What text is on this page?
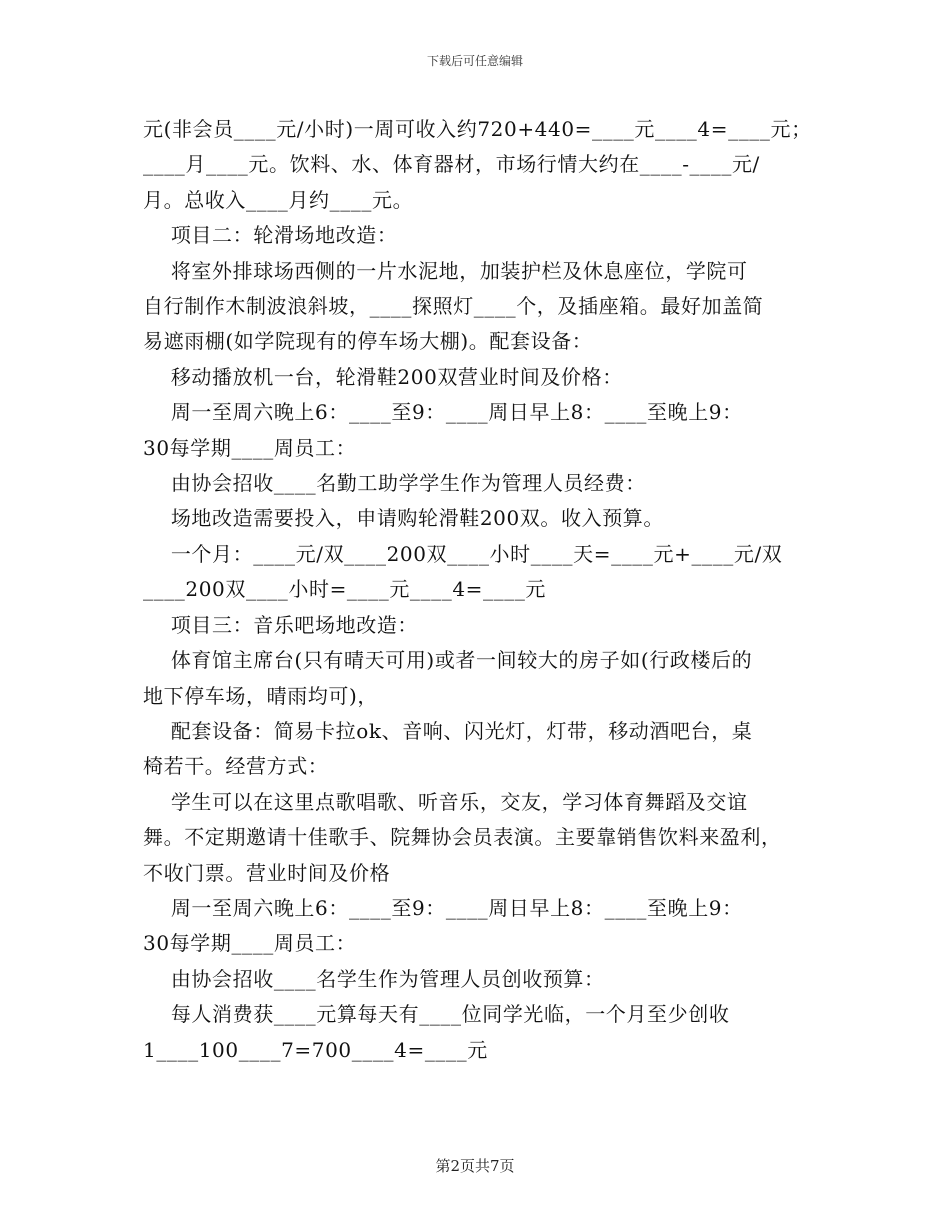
下载后可任意编辑

元(非会员____元/小时)一周可收入约720+440=____元____4=____元；

____月____元。饮料、水、体育器材，市场行情大约在____-____元/

月。总收入____月约____元。

项目二：轮滑场地改造：

将室外排球场西侧的一片水泥地，加装护栏及休息座位，学院可

自行制作木制波浪斜坡，____探照灯____个，及插座箱。最好加盖简

易遮雨棚(如学院现有的停车场大棚)。配套设备：

移动播放机一台，轮滑鞋200双营业时间及价格：

周一至周六晚上6：____至9：____周日早上8：____至晚上9：

30每学期____周员工：

由协会招收____名勤工助学学生作为管理人员经费：

场地改造需要投入，申请购轮滑鞋200双。收入预算。

一个月：____元/双____200双____小时____天=____元+____元/双

____200双____小时=____元____4=____元

项目三：音乐吧场地改造：

体育馆主席台(只有晴天可用)或者一间较大的房子如(行政楼后的

地下停车场，晴雨均可)，

配套设备：简易卡拉ok、音响、闪光灯，灯带，移动酒吧台，桌

椅若干。经营方式：

学生可以在这里点歌唱歌、听音乐，交友，学习体育舞蹈及交谊

舞。不定期邀请十佳歌手、院舞协会员表演。主要靠销售饮料来盈利，

不收门票。营业时间及价格

周一至周六晚上6：____至9：____周日早上8：____至晚上9：

30每学期____周员工：

由协会招收____名学生作为管理人员创收预算：

每人消费获____元算每天有____位同学光临，一个月至少创收

1____100____7=700____4=____元

第2页共7页
